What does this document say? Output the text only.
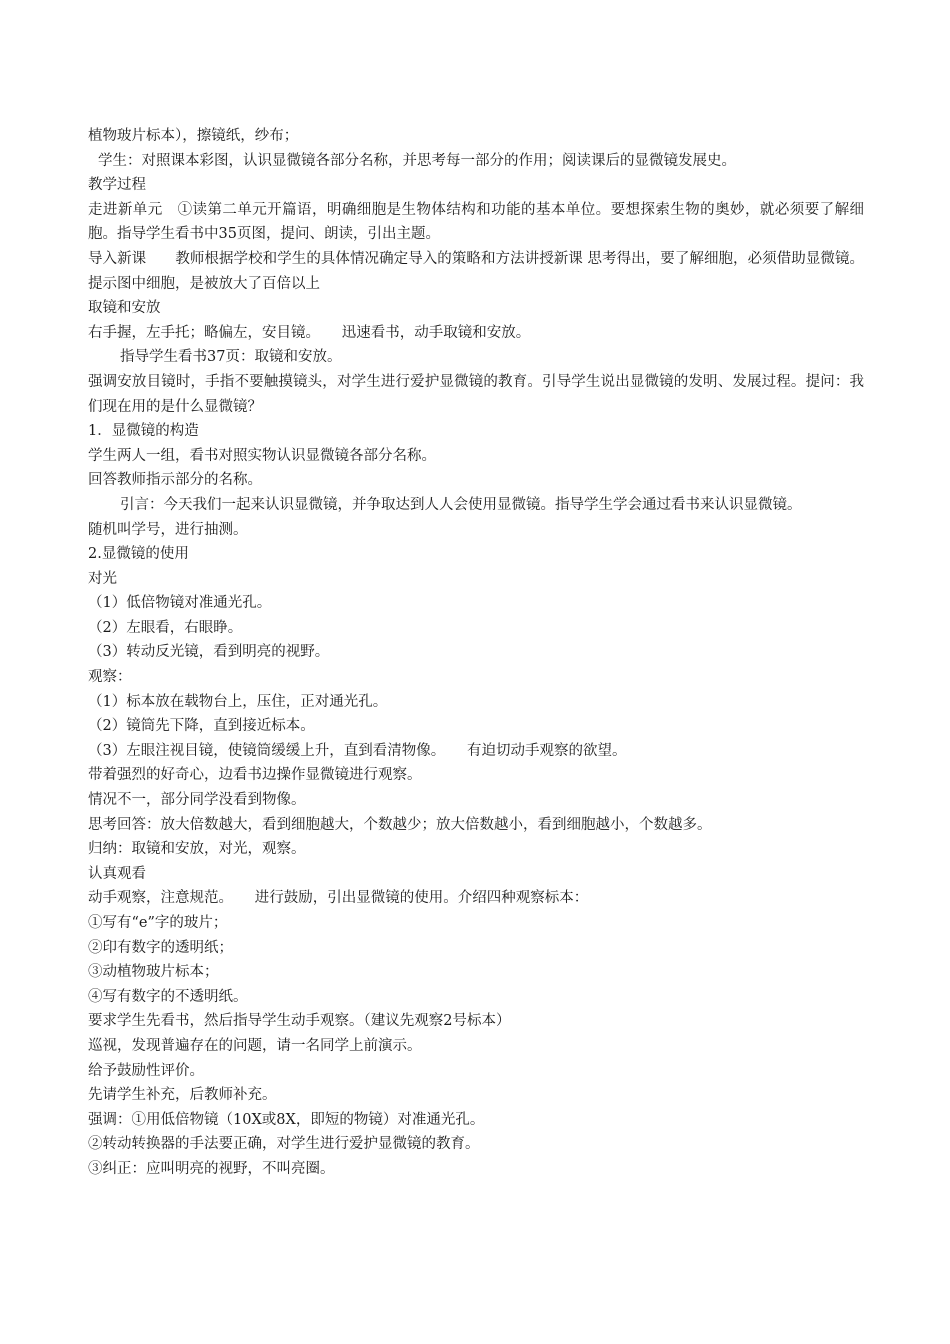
植物玻片标本），擦镜纸，纱布；

学生：对照课本彩图，认识显微镜各部分名称，并思考每一部分的作用；阅读课后的显微镜发展史。

教学过程

走进新单元　①读第二单元开篇语，明确细胞是生物体结构和功能的基本单位。要想探索生物的奥妙，就必须要了解细胞。指导学生看书中35页图，提问、朗读，引出主题。

导入新课　　教师根据学校和学生的具体情况确定导入的策略和方法讲授新课 思考得出，要了解细胞，必须借助显微镜。提示图中细胞，是被放大了百倍以上

取镜和安放

右手握，左手托；略偏左，安目镜。　　迅速看书，动手取镜和安放。

指导学生看书37页：取镜和安放。

强调安放目镜时，手指不要触摸镜头，对学生进行爱护显微镜的教育。引导学生说出显微镜的发明、发展过程。提问：我们现在用的是什么显微镜？

1．显微镜的构造

学生两人一组，看书对照实物认识显微镜各部分名称。

回答教师指示部分的名称。

引言：今天我们一起来认识显微镜，并争取达到人人会使用显微镜。指导学生学会通过看书来认识显微镜。

随机叫学号，进行抽测。

2.显微镜的使用

对光

（1）低倍物镜对准通光孔。

（2）左眼看，右眼睁。

（3）转动反光镜，看到明亮的视野。

观察：

（1）标本放在载物台上，压住，正对通光孔。

（2）镜筒先下降，直到接近标本。

（3）左眼注视目镜，使镜筒缓缓上升，直到看清物像。　　有迫切动手观察的欲望。

带着强烈的好奇心，边看书边操作显微镜进行观察。

情况不一，部分同学没看到物像。

思考回答：放大倍数越大，看到细胞越大，个数越少；放大倍数越小，看到细胞越小，个数越多。

归纳：取镜和安放，对光，观察。

认真观看

动手观察，注意规范。　　进行鼓励，引出显微镜的使用。介绍四种观察标本：

①写有“e”字的玻片；

②印有数字的透明纸；

③动植物玻片标本；

④写有数字的不透明纸。

要求学生先看书，然后指导学生动手观察。（建议先观察2号标本）

巡视，发现普遍存在的问题，请一名同学上前演示。

给予鼓励性评价。

先请学生补充，后教师补充。

强调：①用低倍物镜（10X或8X，即短的物镜）对准通光孔。

②转动转换器的手法要正确，对学生进行爱护显微镜的教育。

③纠正：应叫明亮的视野，不叫亮圈。
